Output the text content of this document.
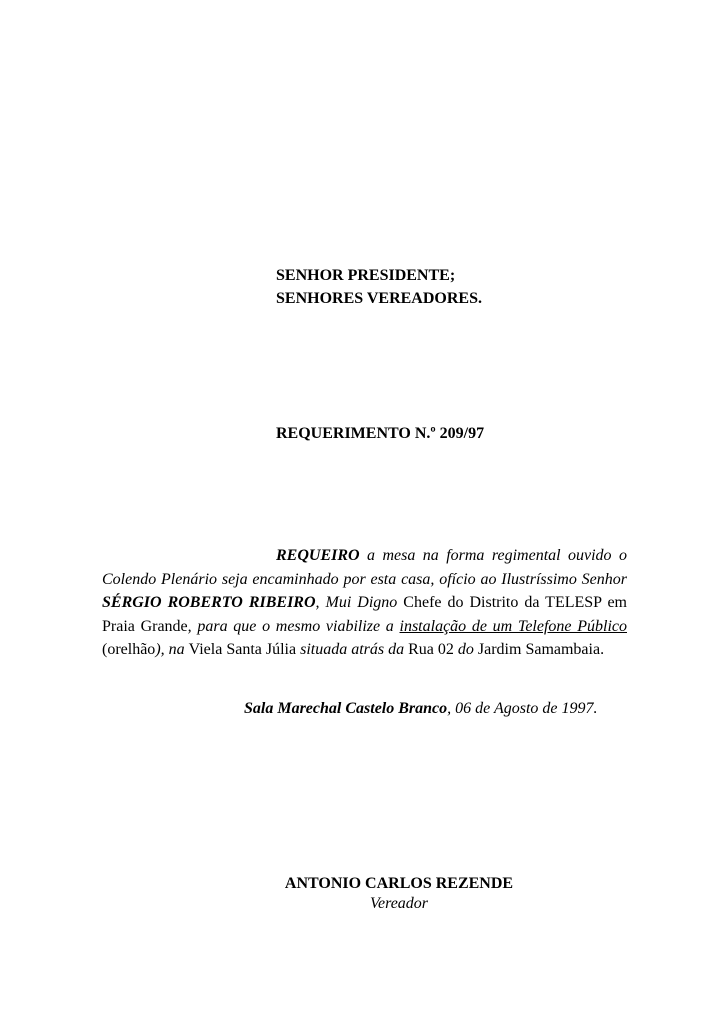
SENHOR PRESIDENTE;
SENHORES VEREADORES.
REQUERIMENTO N.º 209/97

REQUEIRO a mesa na forma regimental ouvido o Colendo Plenário seja encaminhado por esta casa, ofício ao Ilustríssimo Senhor SÉRGIO ROBERTO RIBEIRO, Mui Digno Chefe do Distrito da TELESP em Praia Grande, para que o mesmo viabilize a instalação de um Telefone Público (orelhão), na Viela Santa Júlia situada atrás da Rua 02 do Jardim Samambaia.

Sala Marechal Castelo Branco, 06 de Agosto de 1997.
ANTONIO CARLOS REZENDE
Vereador
